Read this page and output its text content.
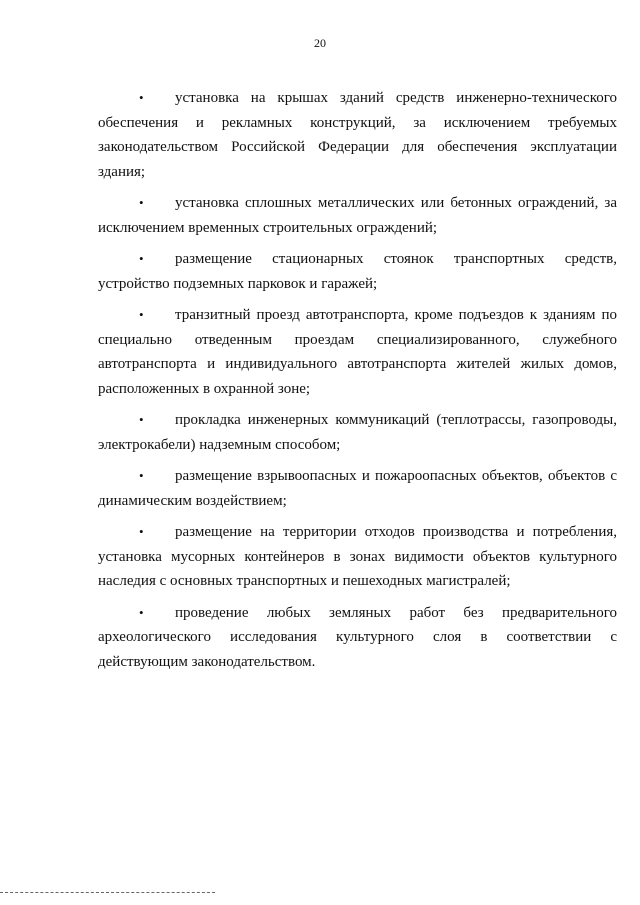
20

• установка на крышах зданий средств инженерно-технического обеспечения и рекламных конструкций, за исключением требуемых законодательством Российской Федерации для обеспечения эксплуатации здания;

• установка сплошных металлических или бетонных ограждений, за исключением временных строительных ограждений;

• размещение стационарных стоянок транспортных средств, устройство подземных парковок и гаражей;

• транзитный проезд автотранспорта, кроме подъездов к зданиям по специально отведенным проездам специализированного, служебного автотранспорта и индивидуального автотранспорта жителей жилых домов, расположенных в охранной зоне;

• прокладка инженерных коммуникаций (теплотрассы, газопроводы, электрокабели) надземным способом;

• размещение взрывоопасных и пожароопасных объектов, объектов с динамическим воздействием;

• размещение на территории отходов производства и потребления, установка мусорных контейнеров в зонах видимости объектов культурного наследия с основных транспортных и пешеходных магистралей;

• проведение любых земляных работ без предварительного археологического исследования культурного слоя в соответствии с действующим законодательством.
